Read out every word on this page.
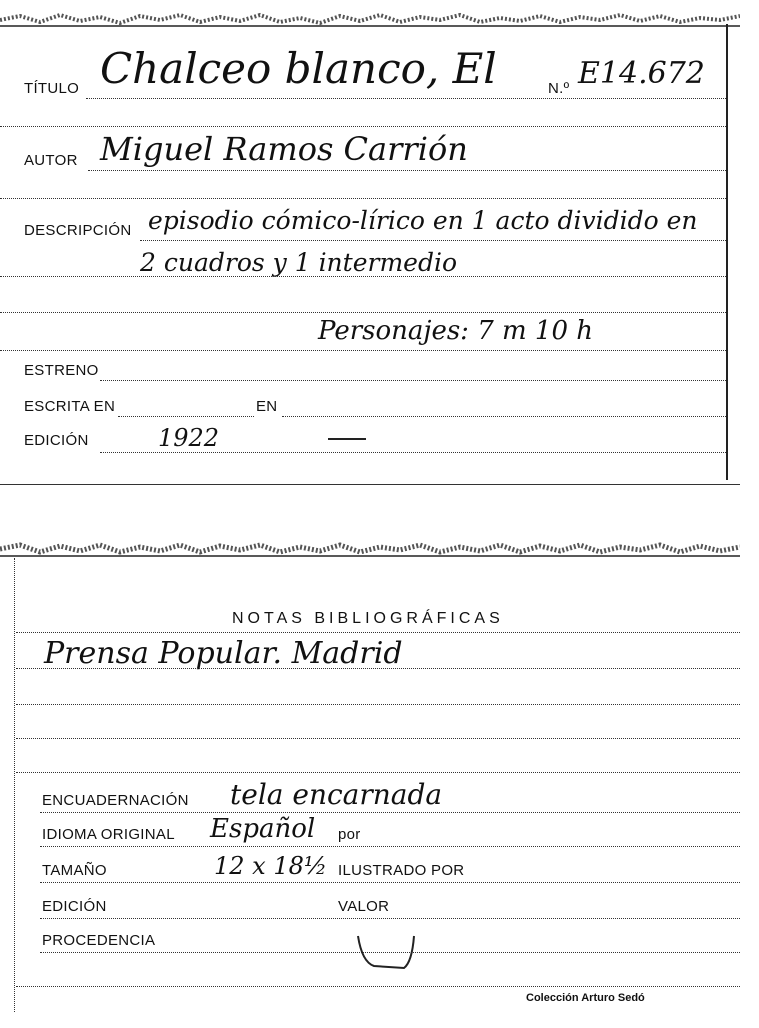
TÍTULO Chalceo blanco, El	N.º E14.672
AUTOR Miguel Ramos Carrión
DESCRIPCIÓN episodio cómico-lírico en 1 acto dividido en
2 cuadros y 1 intermedio
Personajes: 7 m 10 h
ESTRENO
ESCRITA EN	EN
EDICIÓN	1922
NOTAS BIBLIOGRÁFICAS
Prensa Popular. Madrid
ENCUADERNACIÓN tela encarnada
IDIOMA ORIGINAL Español por
TAMAÑO	12 x 18½ ILUSTRADO POR
EDICIÓN	VALOR
PROCEDENCIA
Colección Arturo Sedó
